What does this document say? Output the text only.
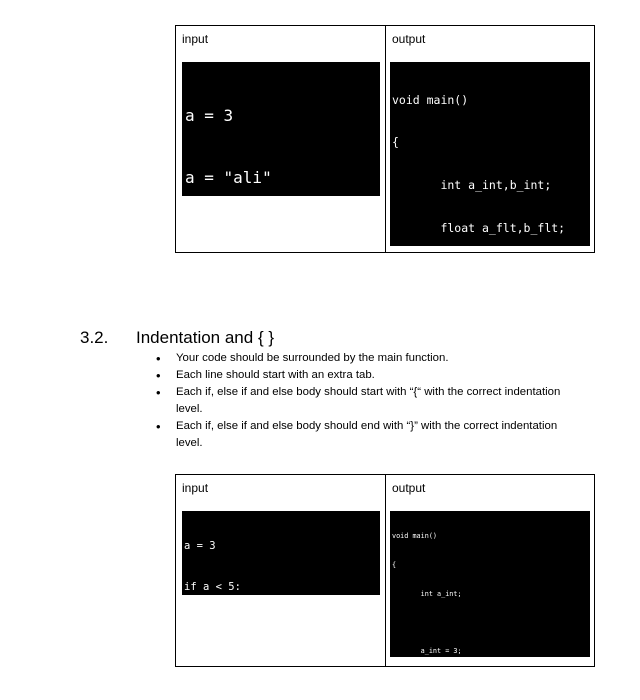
input

a = 3

a = "ali"

output

void main()

{

int a_int,b_int;

float a_flt,b_flt;

3.2. Indentation and { }
• Your code should be surrounded by the main function.
• Each line should start with an extra tab.
• Each if, else if and else body should start with “{“ with the correct indentation level.
• Each if, else if and else body should end with “}” with the correct indentation level.
input

a = 3

if a < 5:

output

void main()

{

int a_int;

a_int = 3;
